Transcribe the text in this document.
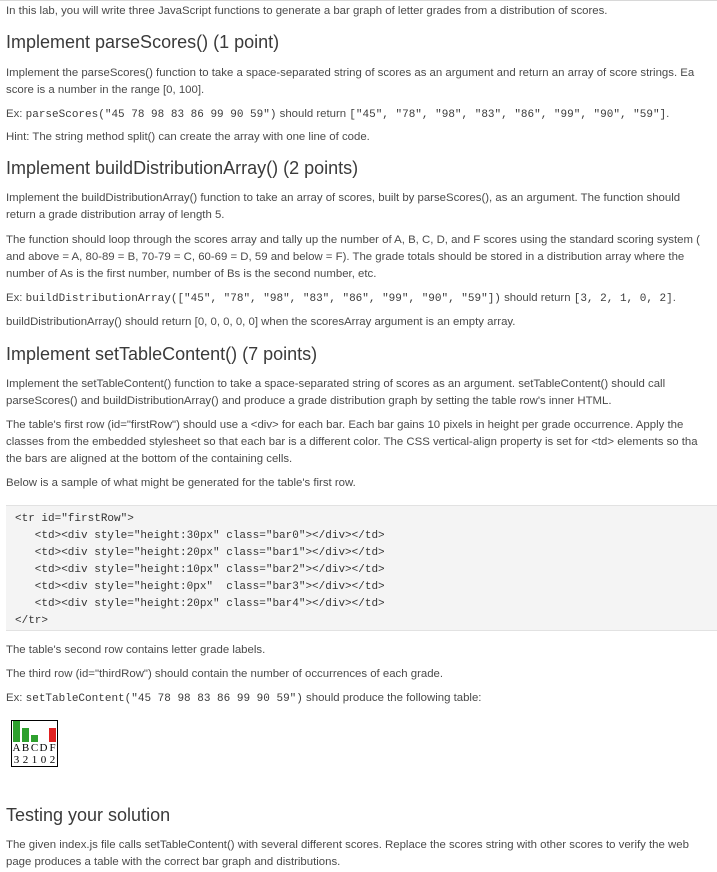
In this lab, you will write three JavaScript functions to generate a bar graph of letter grades from a distribution of scores.

Implement parseScores() (1 point)

Implement the parseScores() function to take a space-separated string of scores as an argument and return an array of score strings. Ea

score is a number in the range [0, 100].

Ex: parseScores("45 78 98 83 86 99 90 59") should return ["45", "78", "98", "83", "86", "99", "90", "59"].

Hint: The string method split() can create the array with one line of code.

Implement buildDistributionArray() (2 points)

Implement the buildDistributionArray() function to take an array of scores, built by parseScores(), as an argument. The function should

return a grade distribution array of length 5.

The function should loop through the scores array and tally up the number of A, B, C, D, and F scores using the standard scoring system (

and above = A, 80-89 = B, 70-79 = C, 60-69 = D, 59 and below = F). The grade totals should be stored in a distribution array where the

number of As is the first number, number of Bs is the second number, etc.

Ex: buildDistributionArray(["45", "78", "98", "83", "86", "99", "90", "59"]) should return [3, 2, 1, 0, 2].

buildDistributionArray() should return [0, 0, 0, 0, 0] when the scoresArray argument is an empty array.

Implement setTableContent() (7 points)

Implement the setTableContent() function to take a space-separated string of scores as an argument. setTableContent() should call

parseScores() and buildDistributionArray() and produce a grade distribution graph by setting the table row's inner HTML.

The table's first row (id="firstRow") should use a <div> for each bar. Each bar gains 10 pixels in height per grade occurrence. Apply the

classes from the embedded stylesheet so that each bar is a different color. The CSS vertical-align property is set for <td> elements so tha

the bars are aligned at the bottom of the containing cells.

Below is a sample of what might be generated for the table's first row.

<tr id="firstRow">
<td><div style="height:30px" class="bar0"></div></td>
<td><div style="height:20px" class="bar1"></div></td>
<td><div style="height:10px" class="bar2"></div></td>
<td><div style="height:0px"  class="bar3"></div></td>
<td><div style="height:20px" class="bar4"></div></td>
</tr>

The table's second row contains letter grade labels.

The third row (id="thirdRow") should contain the number of occurrences of each grade.

Ex: setTableContent("45 78 98 83 86 99 90 59") should produce the following table:

A	B	C	D	F
3	2	1	0	2
Testing your solution

The given index.js file calls setTableContent() with several different scores. Replace the scores string with other scores to verify the web

page produces a table with the correct bar graph and distributions.
